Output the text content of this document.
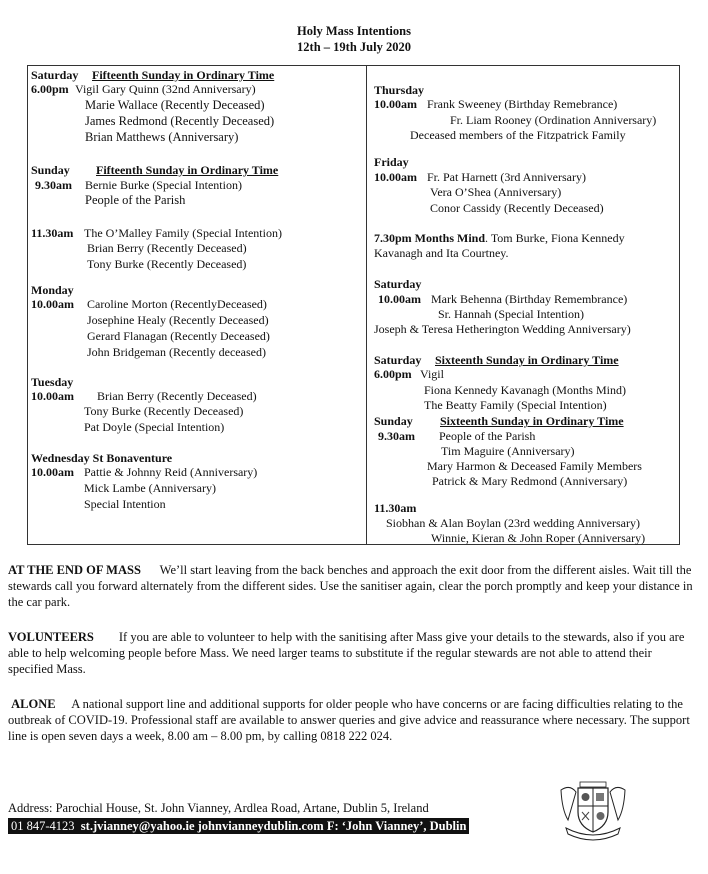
Holy Mass Intentions
12th – 19th July 2020
Saturday Fifteenth Sunday in Ordinary Time
6.00pm Vigil Gary Quinn (32nd Anniversary)
Marie Wallace (Recently Deceased)
James Redmond (Recently Deceased)
Brian Matthews (Anniversary)
Sunday Fifteenth Sunday in Ordinary Time
9.30am Bernie Burke (Special Intention)
People of the Parish
11.30am The O’Malley Family (Special Intention)
Brian Berry (Recently Deceased)
Tony Burke (Recently Deceased)
Monday
10.00am Caroline Morton (RecentlyDeceased)
Josephine Healy (Recently Deceased)
Gerard Flanagan (Recently Deceased)
John Bridgeman (Recently deceased)
Tuesday
10.00am Brian Berry (Recently Deceased)
Tony Burke (Recently Deceased)
Pat Doyle (Special Intention)
Wednesday St Bonaventure
10.00am Pattie & Johnny Reid (Anniversary)
Mick Lambe (Anniversary)
Special Intention
Thursday
10.00am Frank Sweeney (Birthday Remebrance)
Fr. Liam Rooney (Ordination Anniversary)
Deceased members of the Fitzpatrick Family
Friday
10.00am Fr. Pat Harnett (3rd Anniversary)
Vera O’Shea (Anniversary)
Conor Cassidy (Recently Deceased)
7.30pm Months Mind. Tom Burke, Fiona Kennedy
Kavanagh and Ita Courtney.
Saturday
10.00am Mark Behenna (Birthday Remembrance)
Sr. Hannah (Special Intention)
Joseph & Teresa Hetherington Wedding Anniversary)
Saturday Sixteenth Sunday in Ordinary Time
6.00pm Vigil
Fiona Kennedy Kavanagh (Months Mind)
The Beatty Family (Special Intention)
Sunday Sixteenth Sunday in Ordinary Time
9.30am People of the Parish
Tim Maguire (Anniversary)
Mary Harmon & Deceased Family Members
Patrick & Mary Redmond (Anniversary)
11.30am
Siobhan & Alan Boylan (23rd wedding Anniversary)
Winnie, Kieran & John Roper (Anniversary)
AT THE END OF MASS We’ll start leaving from the back benches and approach the exit door from the different aisles. Wait till the stewards call you forward alternately from the different sides. Use the sanitiser again, clear the porch promptly and keep your distance in the car park.
VOLUNTEERS If you are able to volunteer to help with the sanitising after Mass give your details to the stewards, also if you are able to help welcoming people before Mass. We need larger teams to substitute if the regular stewards are not able to attend their specified Mass.
ALONE A national support line and additional supports for older people who have concerns or are facing difficulties relating to the outbreak of COVID-19. Professional staff are available to answer queries and give advice and reassurance where necessary. The support line is open seven days a week, 8.00 am – 8.00 pm, by calling 0818 222 024.
Address: Parochial House, St. John Vianney, Ardlea Road, Artane, Dublin 5, Ireland
01 847-4123 st.jvianney@yahoo.ie johnvianneydublin.com F: ‘John Vianney’, Dublin
